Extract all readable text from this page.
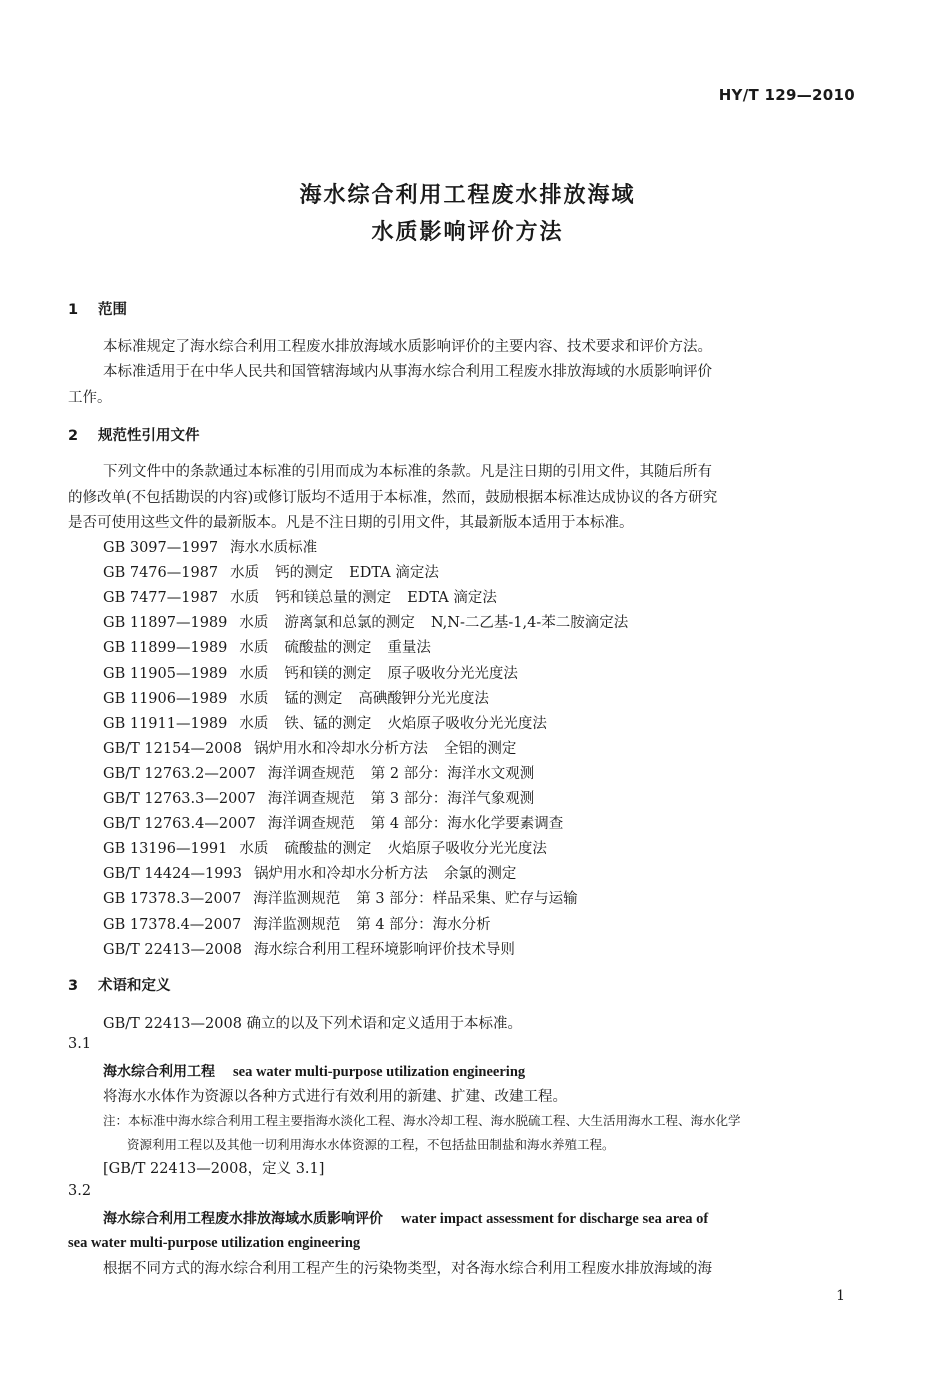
HY/T 129—2010
海水综合利用工程废水排放海域
水质影响评价方法
1 范围
本标准规定了海水综合利用工程废水排放海域水质影响评价的主要内容、技术要求和评价方法。
本标准适用于在中华人民共和国管辖海域内从事海水综合利用工程废水排放海域的水质影响评价
工作。
2 规范性引用文件
下列文件中的条款通过本标准的引用而成为本标准的条款。凡是注日期的引用文件，其随后所有
的修改单(不包括勘误的内容)或修订版均不适用于本标准，然而，鼓励根据本标准达成协议的各方研究
是否可使用这些文件的最新版本。凡是不注日期的引用文件，其最新版本适用于本标准。
GB 3097—1997 海水水质标准
GB 7476—1987 水质 钙的测定 EDTA 滴定法
GB 7477—1987 水质 钙和镁总量的测定 EDTA 滴定法
GB 11897—1989 水质 游离氯和总氯的测定 N,N-二乙基-1,4-苯二胺滴定法
GB 11899—1989 水质 硫酸盐的测定 重量法
GB 11905—1989 水质 钙和镁的测定 原子吸收分光光度法
GB 11906—1989 水质 锰的测定 高碘酸钾分光光度法
GB 11911—1989 水质 铁、锰的测定 火焰原子吸收分光光度法
GB/T 12154—2008 锅炉用水和冷却水分析方法 全铝的测定
GB/T 12763.2—2007 海洋调查规范 第 2 部分：海洋水文观测
GB/T 12763.3—2007 海洋调查规范 第 3 部分：海洋气象观测
GB/T 12763.4—2007 海洋调查规范 第 4 部分：海水化学要素调查
GB 13196—1991 水质 硫酸盐的测定 火焰原子吸收分光光度法
GB/T 14424—1993 锅炉用水和冷却水分析方法 余氯的测定
GB 17378.3—2007 海洋监测规范 第 3 部分：样品采集、贮存与运输
GB 17378.4—2007 海洋监测规范 第 4 部分：海水分析
GB/T 22413—2008 海水综合利用工程环境影响评价技术导则
3 术语和定义
GB/T 22413—2008 确立的以及下列术语和定义适用于本标准。
3.1
海水综合利用工程 sea water multi-purpose utilization engineering
将海水水体作为资源以各种方式进行有效利用的新建、扩建、改建工程。
注：本标准中海水综合利用工程主要指海水淡化工程、海水冷却工程、海水脱硫工程、大生活用海水工程、海水化学
资源利用工程以及其他一切利用海水水体资源的工程，不包括盐田制盐和海水养殖工程。
[GB/T 22413—2008，定义 3.1]
3.2
海水综合利用工程废水排放海域水质影响评价 water impact assessment for discharge sea area of
sea water multi-purpose utilization engineering
根据不同方式的海水综合利用工程产生的污染物类型，对各海水综合利用工程废水排放海域的海
1
